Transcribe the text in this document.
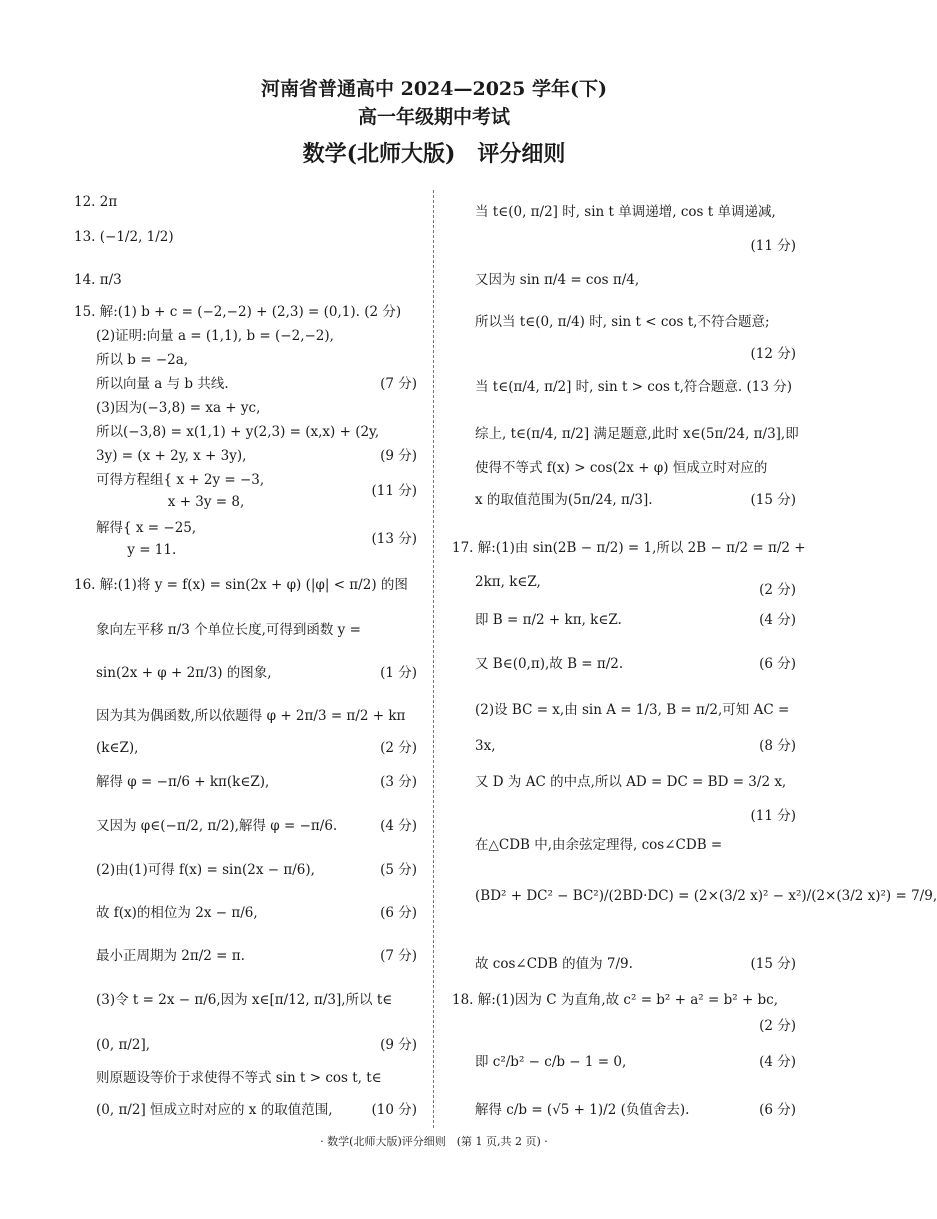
河南省普通高中 2024—2025 学年(下)
高一年级期中考试
数学(北师大版)　评分细则
12. 2π
13. (−1/2, 1/2)
14. π/3
15. 解:(1) b + c = (−2,−2) + (2,3) = (0,1). (2 分)
(2)证明:向量 a = (1,1), b = (−2,−2),
所以 b = −2a,
所以向量 a 与 b 共线.	(7 分)
(3)因为(−3,8) = xa + yc,
所以(−3,8) = x(1,1) + y(2,3) = (x,x) + (2y,
3y) = (x + 2y, x + 3y),	(9 分)
可得方程组{ x + 2y = −3,
(11 分)
　　　　　 x + 3y = 8,
解得{ x = −25,
(13 分)
　　 y = 11.
16. 解:(1)将 y = f(x) = sin(2x + φ) (|φ| < π/2) 的图
象向左平移 π/3 个单位长度,可得到函数 y =
sin(2x + φ + 2π/3) 的图象,	(1 分)
因为其为偶函数,所以依题得 φ + 2π/3 = π/2 + kπ
(k∈Z),	(2 分)
解得 φ = −π/6 + kπ(k∈Z),	(3 分)
又因为 φ∈(−π/2, π/2),解得 φ = −π/6.	(4 分)
(2)由(1)可得 f(x) = sin(2x − π/6),	(5 分)
故 f(x)的相位为 2x − π/6,	(6 分)
最小正周期为 2π/2 = π.	(7 分)
(3)令 t = 2x − π/6,因为 x∈[π/12, π/3],所以 t∈
(0, π/2],	(9 分)
则原题设等价于求使得不等式 sin t > cos t, t∈
(0, π/2] 恒成立时对应的 x 的取值范围,	(10 分)
当 t∈(0, π/2] 时, sin t 单调递增, cos t 单调递减,
(11 分)
又因为 sin π/4 = cos π/4,
所以当 t∈(0, π/4) 时, sin t < cos t,不符合题意;
(12 分)
当 t∈(π/4, π/2] 时, sin t > cos t,符合题意. (13 分)
综上, t∈(π/4, π/2] 满足题意,此时 x∈(5π/24, π/3],即
使得不等式 f(x) > cos(2x + φ) 恒成立时对应的
x 的取值范围为(5π/24, π/3].	(15 分)
17. 解:(1)由 sin(2B − π/2) = 1,所以 2B − π/2 = π/2 +
2kπ, k∈Z,	(2 分)
即 B = π/2 + kπ, k∈Z.	(4 分)
又 B∈(0,π),故 B = π/2.	(6 分)
(2)设 BC = x,由 sin A = 1/3, B = π/2,可知 AC =
3x,	(8 分)
又 D 为 AC 的中点,所以 AD = DC = BD = 3/2 x,
(11 分)
在△CDB 中,由余弦定理得, cos∠CDB =
(BD² + DC² − BC²)/(2BD·DC) = (2×(3/2 x)² − x²)/(2×(3/2 x)²) = 7/9,
故 cos∠CDB 的值为 7/9.	(15 分)
18. 解:(1)因为 C 为直角,故 c² = b² + a² = b² + bc,
(2 分)
即 c²/b² − c/b − 1 = 0,	(4 分)
解得 c/b = (√5 + 1)/2 (负值舍去).	(6 分)
· 数学(北师大版)评分细则　(第 1 页,共 2 页) ·
